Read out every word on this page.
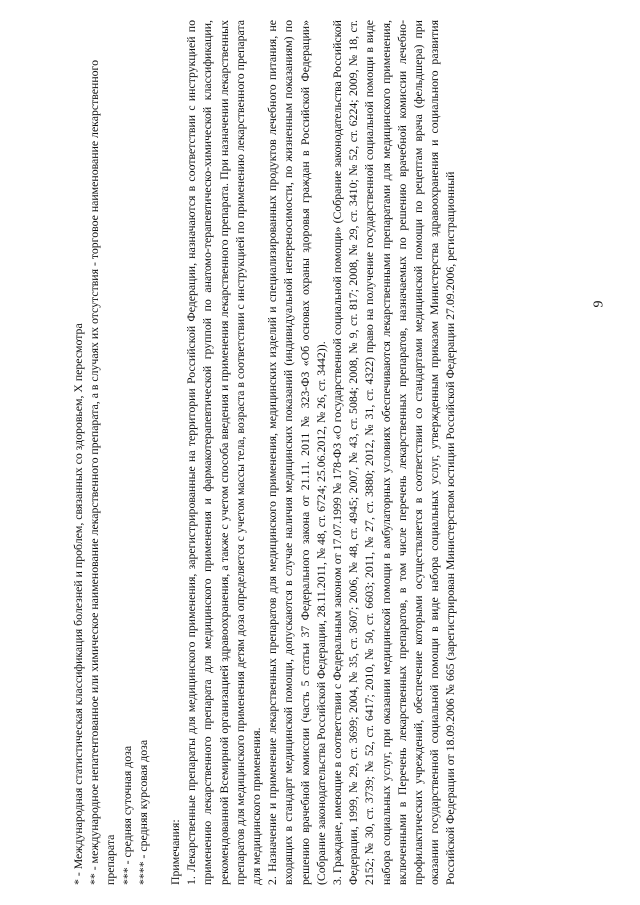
9

* - Международная статистическая классификация болезней и проблем, связанных со здоровьем, X пересмотра ** - международное непатентованное или химическое наименование лекарственного препарата, а в случаях их отсутствия - торговое наименование лекарственного препарата *** - средняя суточная доза **** - средняя курсовая доза Примечания: 1. Лекарственные препараты для медицинского применения, зарегистрированные на территории Российской Федерации, назначаются в соответствии с инструкцией по применению лекарственного препарата для медицинского применения и фармакотерапевтической группой по анатомо-терапевтическо-химической классификации, рекомендованной Всемирной организацией здравоохранения, а также с учетом способа введения и применения лекарственного препарата. При назначении лекарственных препаратов для медицинского применения детям доза определяется с учетом массы тела, возраста в соответствии с инструкцией по применению лекарственного препарата для медицинского применения. 2. Назначение и применение лекарственных препаратов для медицинского применения, медицинских изделий и специализированных продуктов лечебного питания, не входящих в стандарт медицинской помощи, допускаются в случае наличия медицинских показаний (индивидуальной непереносимости, по жизненным показаниям) по решению врачебной комиссии (часть 5 статьи 37 Федерального закона от 21.11. 2011 № 323-ФЗ «Об основах охраны здоровья граждан в Российской Федерации» (Собрание законодательства Российской Федерации, 28.11.2011, № 48, ст. 6724; 25.06.2012, № 26, ст. 3442)). 3. Граждане, имеющие в соответствии с Федеральным законом от 17.07.1999 № 178-ФЗ «О государственной социальной помощи» (Собрание законодательства Российской Федерации, 1999, № 29, ст. 3699; 2004, № 35, ст. 3607; 2006, № 48, ст. 4945; 2007, № 43, ст. 5084; 2008, № 9, ст. 817; 2008, № 29, ст. 3410; № 52, ст. 6224; 2009, № 18, ст. 2152; № 30, ст. 3739; № 52, ст. 6417; 2010, № 50, ст. 6603; 2011, № 27, ст. 3880; 2012, № 31, ст. 4322) право на получение государственной социальной помощи в виде набора социальных услуг, при оказании медицинской помощи в амбулаторных условиях обеспечиваются лекарственными препаратами для медицинского применения, включенными в Перечень лекарственных препаратов, в том числе перечень лекарственных препаратов, назначаемых по решению врачебной комиссии лечебно-профилактических учреждений, обеспечение которыми осуществляется в соответствии со стандартами медицинской помощи по рецептам врача (фельдшера) при оказании государственной социальной помощи в виде набора социальных услуг, утвержденным приказом Министерства здравоохранения и социального развития Российской Федерации от 18.09.2006 № 665 (зарегистрирован Министерством юстиции Российской Федерации 27.09.2006, регистрационный
